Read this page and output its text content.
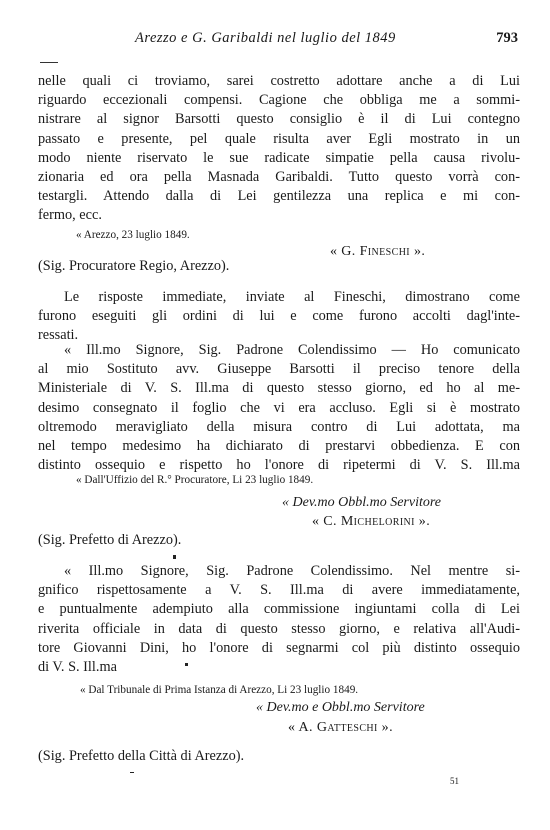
Arezzo e G. Garibaldi nel luglio del 1849	793
nelle quali ci troviamo, sarei costretto adottare anche a di Lui
riguardo eccezionali compensi. Cagione che obbliga me a sommi-
nistrare al signor Barsotti questo consiglio è il di Lui contegno
passato e presente, pel quale risulta aver Egli mostrato in un
modo niente riservato le sue radicate simpatie pella causa rivolu-
zionaria ed ora pella Masnada Garibaldi. Tutto questo vorrà con-
testargli. Attendo dalla di Lei gentilezza una replica e mi con-
fermo, ecc.
« Arezzo, 23 luglio 1849.
« G. Fineschi ».
(Sig. Procuratore Regio, Arezzo).
Le risposte immediate, inviate al Fineschi, dimostrano come
furono eseguiti gli ordini di lui e come furono accolti dagl'inte-
ressati.
« Ill.mo Signore, Sig. Padrone Colendissimo — Ho comunicato
al mio Sostituto avv. Giuseppe Barsotti il preciso tenore della
Ministeriale di V. S. Ill.ma di questo stesso giorno, ed ho al me-
desimo consegnato il foglio che vi era accluso. Egli si è mostrato
oltremodo meravigliato della misura contro di Lui adottata, ma
nel tempo medesimo ha dichiarato di prestarvi obbedienza. E con
distinto ossequio e rispetto ho l'onore di ripetermi di V. S. Ill.ma
« Dall'Uffizio del R.° Procuratore, Li 23 luglio 1849.
« Dev.mo Obbl.mo Servitore
« C. Michelorini ».
(Sig. Prefetto di Arezzo).
« Ill.mo Signore, Sig. Padrone Colendissimo. Nel mentre si-
gnifico rispettosamente a V. S. Ill.ma di avere immediatamente,
e puntualmente adempiuto alla commissione ingiuntami colla di Lei
riverita officiale in data di questo stesso giorno, e relativa all'Audi-
tore Giovanni Dini, ho l'onore di segnarmi col più distinto ossequio
di V. S. Ill.ma
« Dal Tribunale di Prima Istanza di Arezzo, Li 23 luglio 1849.
« Dev.mo e Obbl.mo Servitore
« A. Gatteschi ».
(Sig. Prefetto della Città di Arezzo).
51
